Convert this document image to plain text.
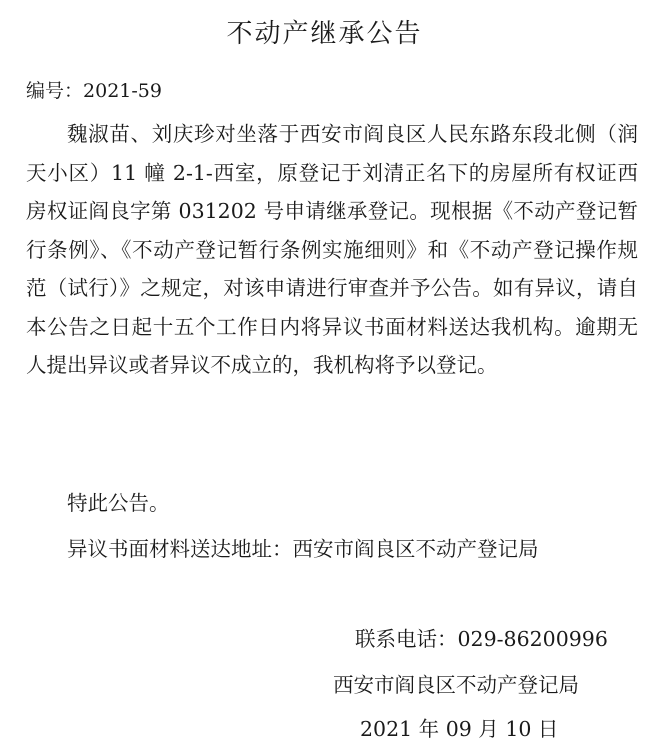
不动产继承公告
编号：2021-59

魏淑苗、刘庆珍对坐落于西安市阎良区人民东路东段北侧（润天小区）11 幢 2-1-西室，原登记于刘清正名下的房屋所有权证西房权证阎良字第 031202 号申请继承登记。现根据《不动产登记暂行条例》、《不动产登记暂行条例实施细则》和《不动产登记操作规范（试行）》之规定，对该申请进行审查并予公告。如有异议，请自本公告之日起十五个工作日内将异议书面材料送达我机构。逾期无人提出异议或者异议不成立的，我机构将予以登记。

特此公告。

异议书面材料送达地址：西安市阎良区不动产登记局

联系电话：029-86200996
西安市阎良区不动产登记局
2021 年 09 月 10 日
